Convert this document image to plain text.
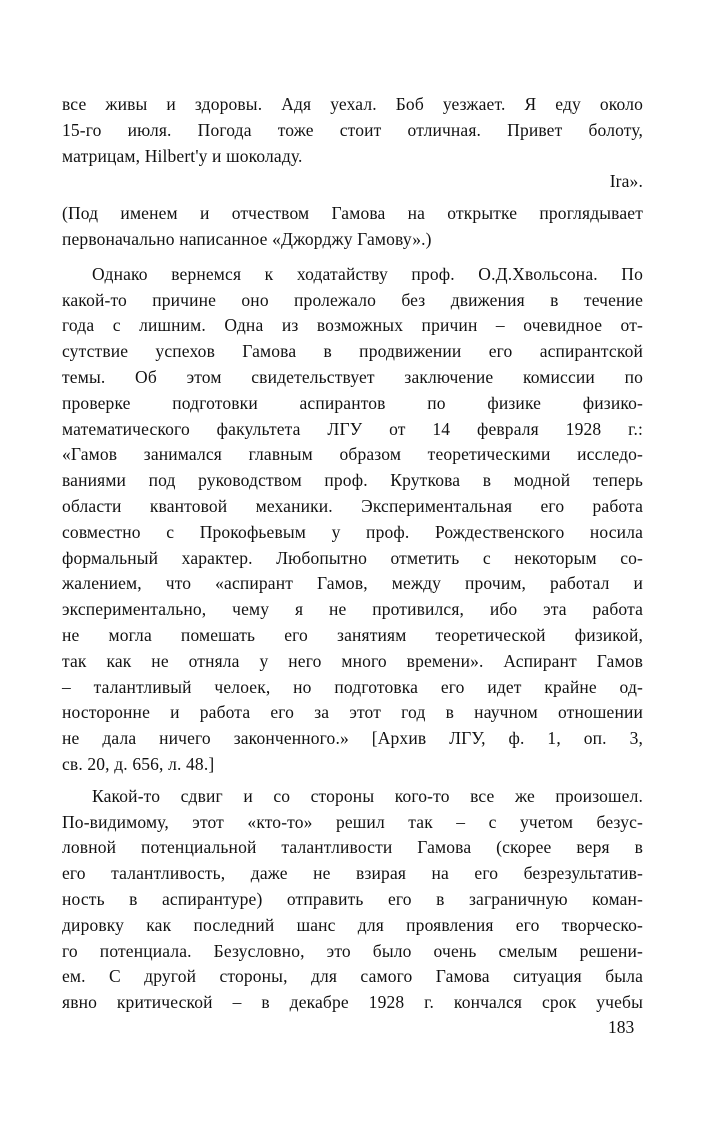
все живы и здоровы. Адя уехал. Боб уезжает. Я еду около
15-го июля. Погода тоже стоит отличная. Привет болоту,
матрицам, Hilbert'у и шоколаду.
Ira».
(Под именем и отчеством Гамова на открытке проглядывает
первоначально написанное «Джорджу Гамову».)
Однако вернемся к ходатайству проф. О.Д.Хвольсона. По
какой-то причине оно пролежало без движения в течение
года с лишним. Одна из возможных причин – очевидное от-
сутствие успехов Гамова в продвижении его аспирантской
темы. Об этом свидетельствует заключение комиссии по
проверке подготовки аспирантов по физике физико-
математического факультета ЛГУ от 14 февраля 1928 г.:
«Гамов занимался главным образом теоретическими исследо-
ваниями под руководством проф. Круткова в модной теперь
области квантовой механики. Экспериментальная его работа
совместно с Прокофьевым у проф. Рождественского носила
формальный характер. Любопытно отметить с некоторым со-
жалением, что «аспирант Гамов, между прочим, работал и
экспериментально, чему я не противился, ибо эта работа
не могла помешать его занятиям теоретической физикой,
так как не отняла у него много времени». Аспирант Гамов
– талантливый челоек, но подготовка его идет крайне од-
носторонне и работа его за этот год в научном отношении
не дала ничего законченного.» [Архив ЛГУ, ф. 1, оп. 3,
св. 20, д. 656, л. 48.]
Какой-то сдвиг и со стороны кого-то все же произошел.
По-видимому, этот «кто-то» решил так – с учетом безус-
ловной потенциальной талантливости Гамова (скорее веря в
его талантливость, даже не взирая на его безрезультатив-
ность в аспирантуре) отправить его в заграничную коман-
дировку как последний шанс для проявления его творческо-
го потенциала. Безусловно, это было очень смелым решени-
ем. С другой стороны, для самого Гамова ситуация была
явно критической – в декабре 1928 г. кончался срок учебы
183
